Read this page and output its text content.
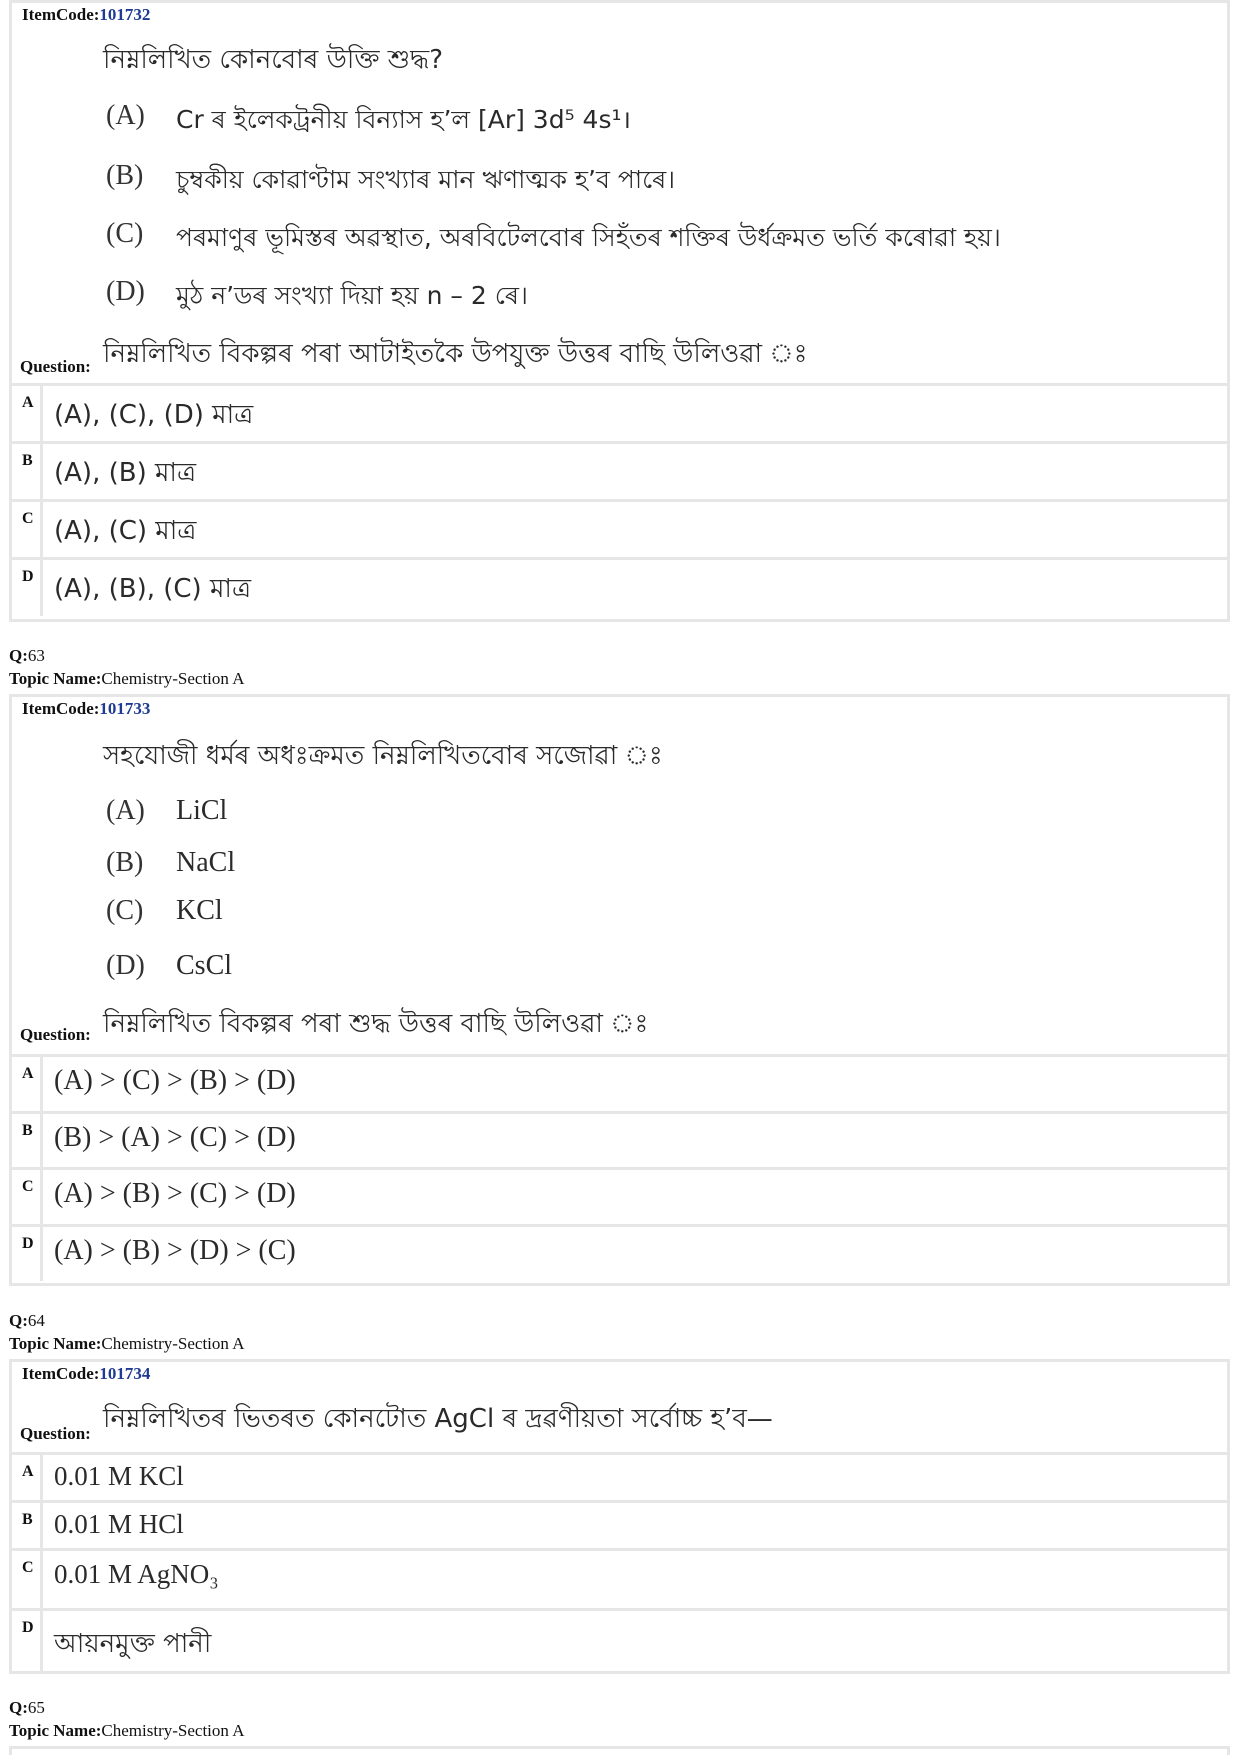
ItemCode:101732
নিম্নলিখিত কোনবোৰ উক্তি শুদ্ধ?
(A) Cr ৰ ইলেকট্ৰনীয় বিন্যাস হ’ল [Ar] 3d⁵ 4s¹।
(B) চুম্বকীয় কোৱাণ্টাম সংখ্যাৰ মান ঋণাত্মক হ’ব পাৰে।
(C) পৰমাণুৰ ভূমিস্তৰ অৱস্থাত, অৰবিটেলবোৰ সিহঁতৰ শক্তিৰ উৰ্ধক্ৰমত ভৰ্তি কৰোৱা হয়।
(D) মুঠ ন’ডৰ সংখ্যা দিয়া হয় n – 2 ৰে।
Question: নিম্নলিখিত বিকল্পৰ পৰা আটাইতকৈ উপযুক্ত উত্তৰ বাছি উলিওৱা ঃ
A (A), (C), (D) মাত্ৰ
B (A), (B) মাত্ৰ
C (A), (C) মাত্ৰ
D (A), (B), (C) মাত্ৰ
Q:63
Topic Name:Chemistry-Section A
ItemCode:101733
সহযোজী ধৰ্মৰ অধঃক্ৰমত নিম্নলিখিতবোৰ সজোৱা ঃ
(A) LiCl
(B) NaCl
(C) KCl
(D) CsCl
Question: নিম্নলিখিত বিকল্পৰ পৰা শুদ্ধ উত্তৰ বাছি উলিওৱা ঃ
A (A) > (C) > (B) > (D)
B (B) > (A) > (C) > (D)
C (A) > (B) > (C) > (D)
D (A) > (B) > (D) > (C)
Q:64
Topic Name:Chemistry-Section A
ItemCode:101734
Question: নিম্নলিখিতৰ ভিতৰত কোনটোত AgCl ৰ দ্ৰৱণীয়তা সৰ্বোচ্চ হ’ব—
A 0.01 M KCl
B 0.01 M HCl
C 0.01 M AgNO₃
D
আয়নমুক্ত পানী
Q:65
Topic Name:Chemistry-Section A
